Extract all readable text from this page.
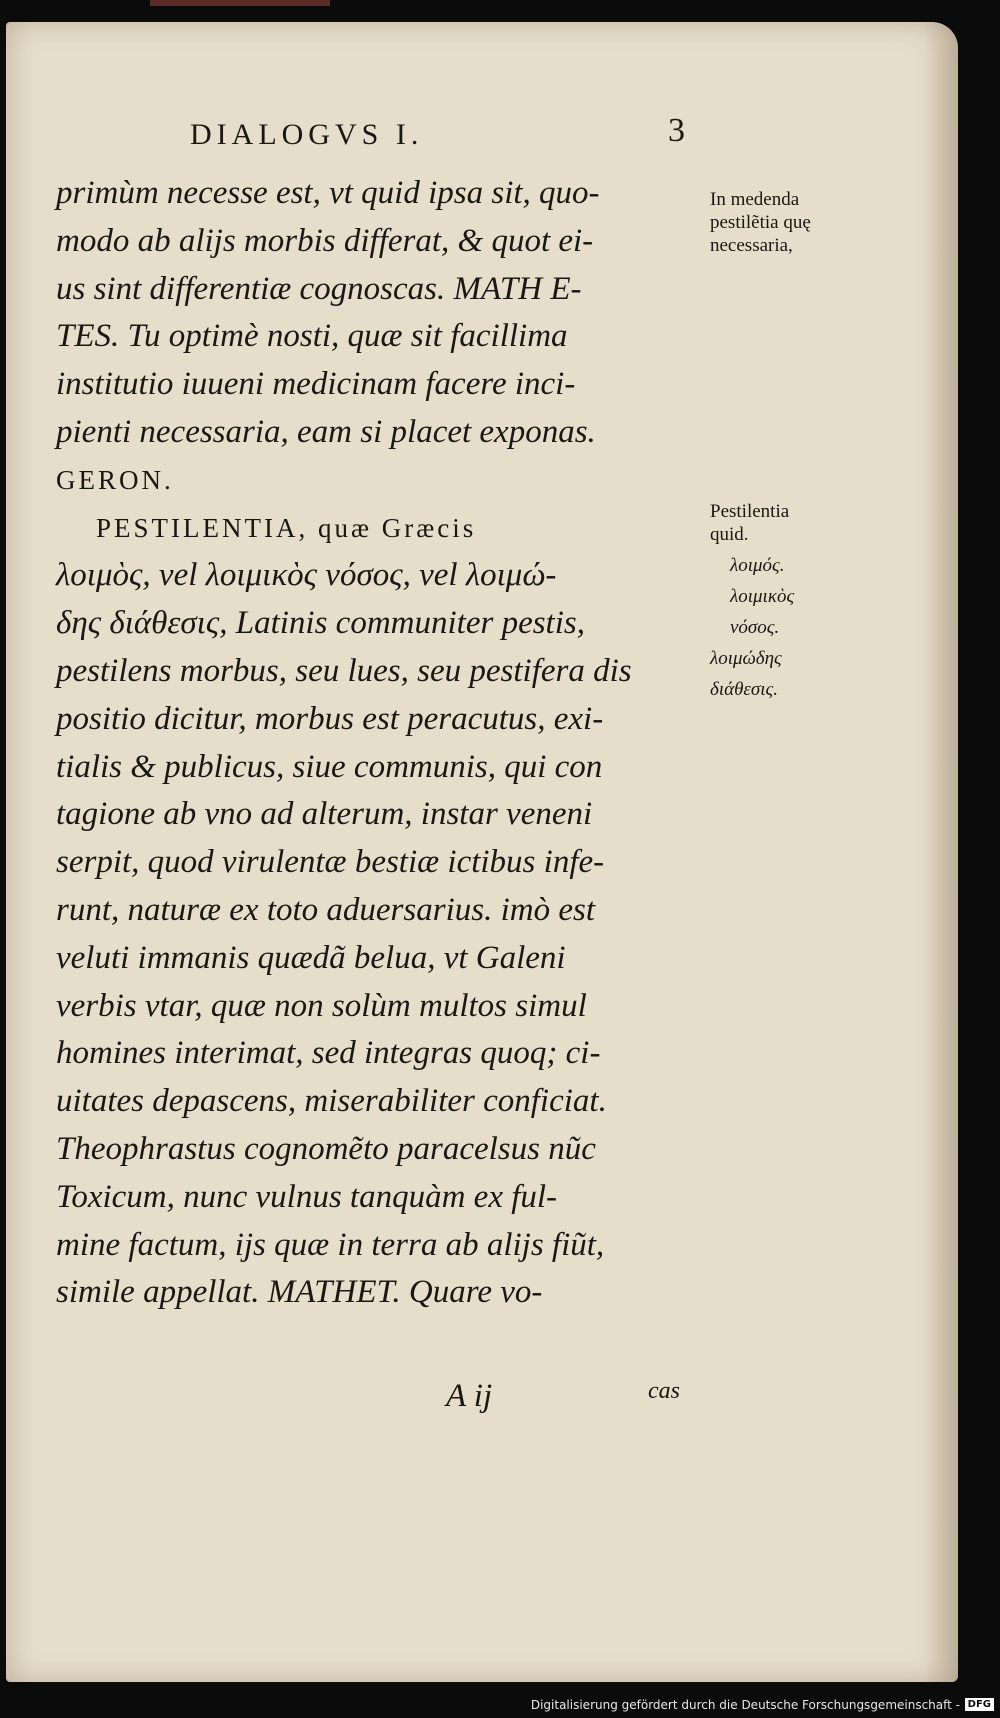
DIALOGVS I.	3
primùm necesse est, vt quid ipsa sit, quo-
modo ab alijs morbis differat, & quot ei-
us sint differentiæ cognoscas. MATH E-
TES. Tu optimè nosti, quæ sit facillima
institutio iuueni medicinam facere inci-
pienti necessaria, eam si placet exponas.
GERON.
PESTILENTIA, quæ Græcis
λοιμὸς, vel λοιμικὸς νόσος, vel λοιμώ-
δης διάθεσις, Latinis communiter pestis,
pestilens morbus, seu lues, seu pestifera dis
positio dicitur, morbus est peracutus, exi-
tialis & publicus, siue communis, qui con
tagione ab vno ad alterum, instar veneni
serpit, quod virulentæ bestiæ ictibus infe-
runt, naturæ ex toto aduersarius. imò est
veluti immanis quædã belua, vt Galeni
verbis vtar, quæ non solùm multos simul
homines interimat, sed integras quoq; ci-
uitates depascens, miserabiliter conficiat.
Theophrastus cognomẽto paracelsus nũc
Toxicum, nunc vulnus tanquàm ex ful-
mine factum, ijs quæ in terra ab alijs fiũt,
simile appellat. MATHET. Quare vo-
A ij	cas
In medenda
pestilẽtia quę
necessaria,
Pestilentia
quid.
λοιμός.
λοιμικὸς
νόσος.
λοιμώδης
διάθεσις.
Digitalisierung gefördert durch die Deutsche Forschungsgemeinschaft - DFG
